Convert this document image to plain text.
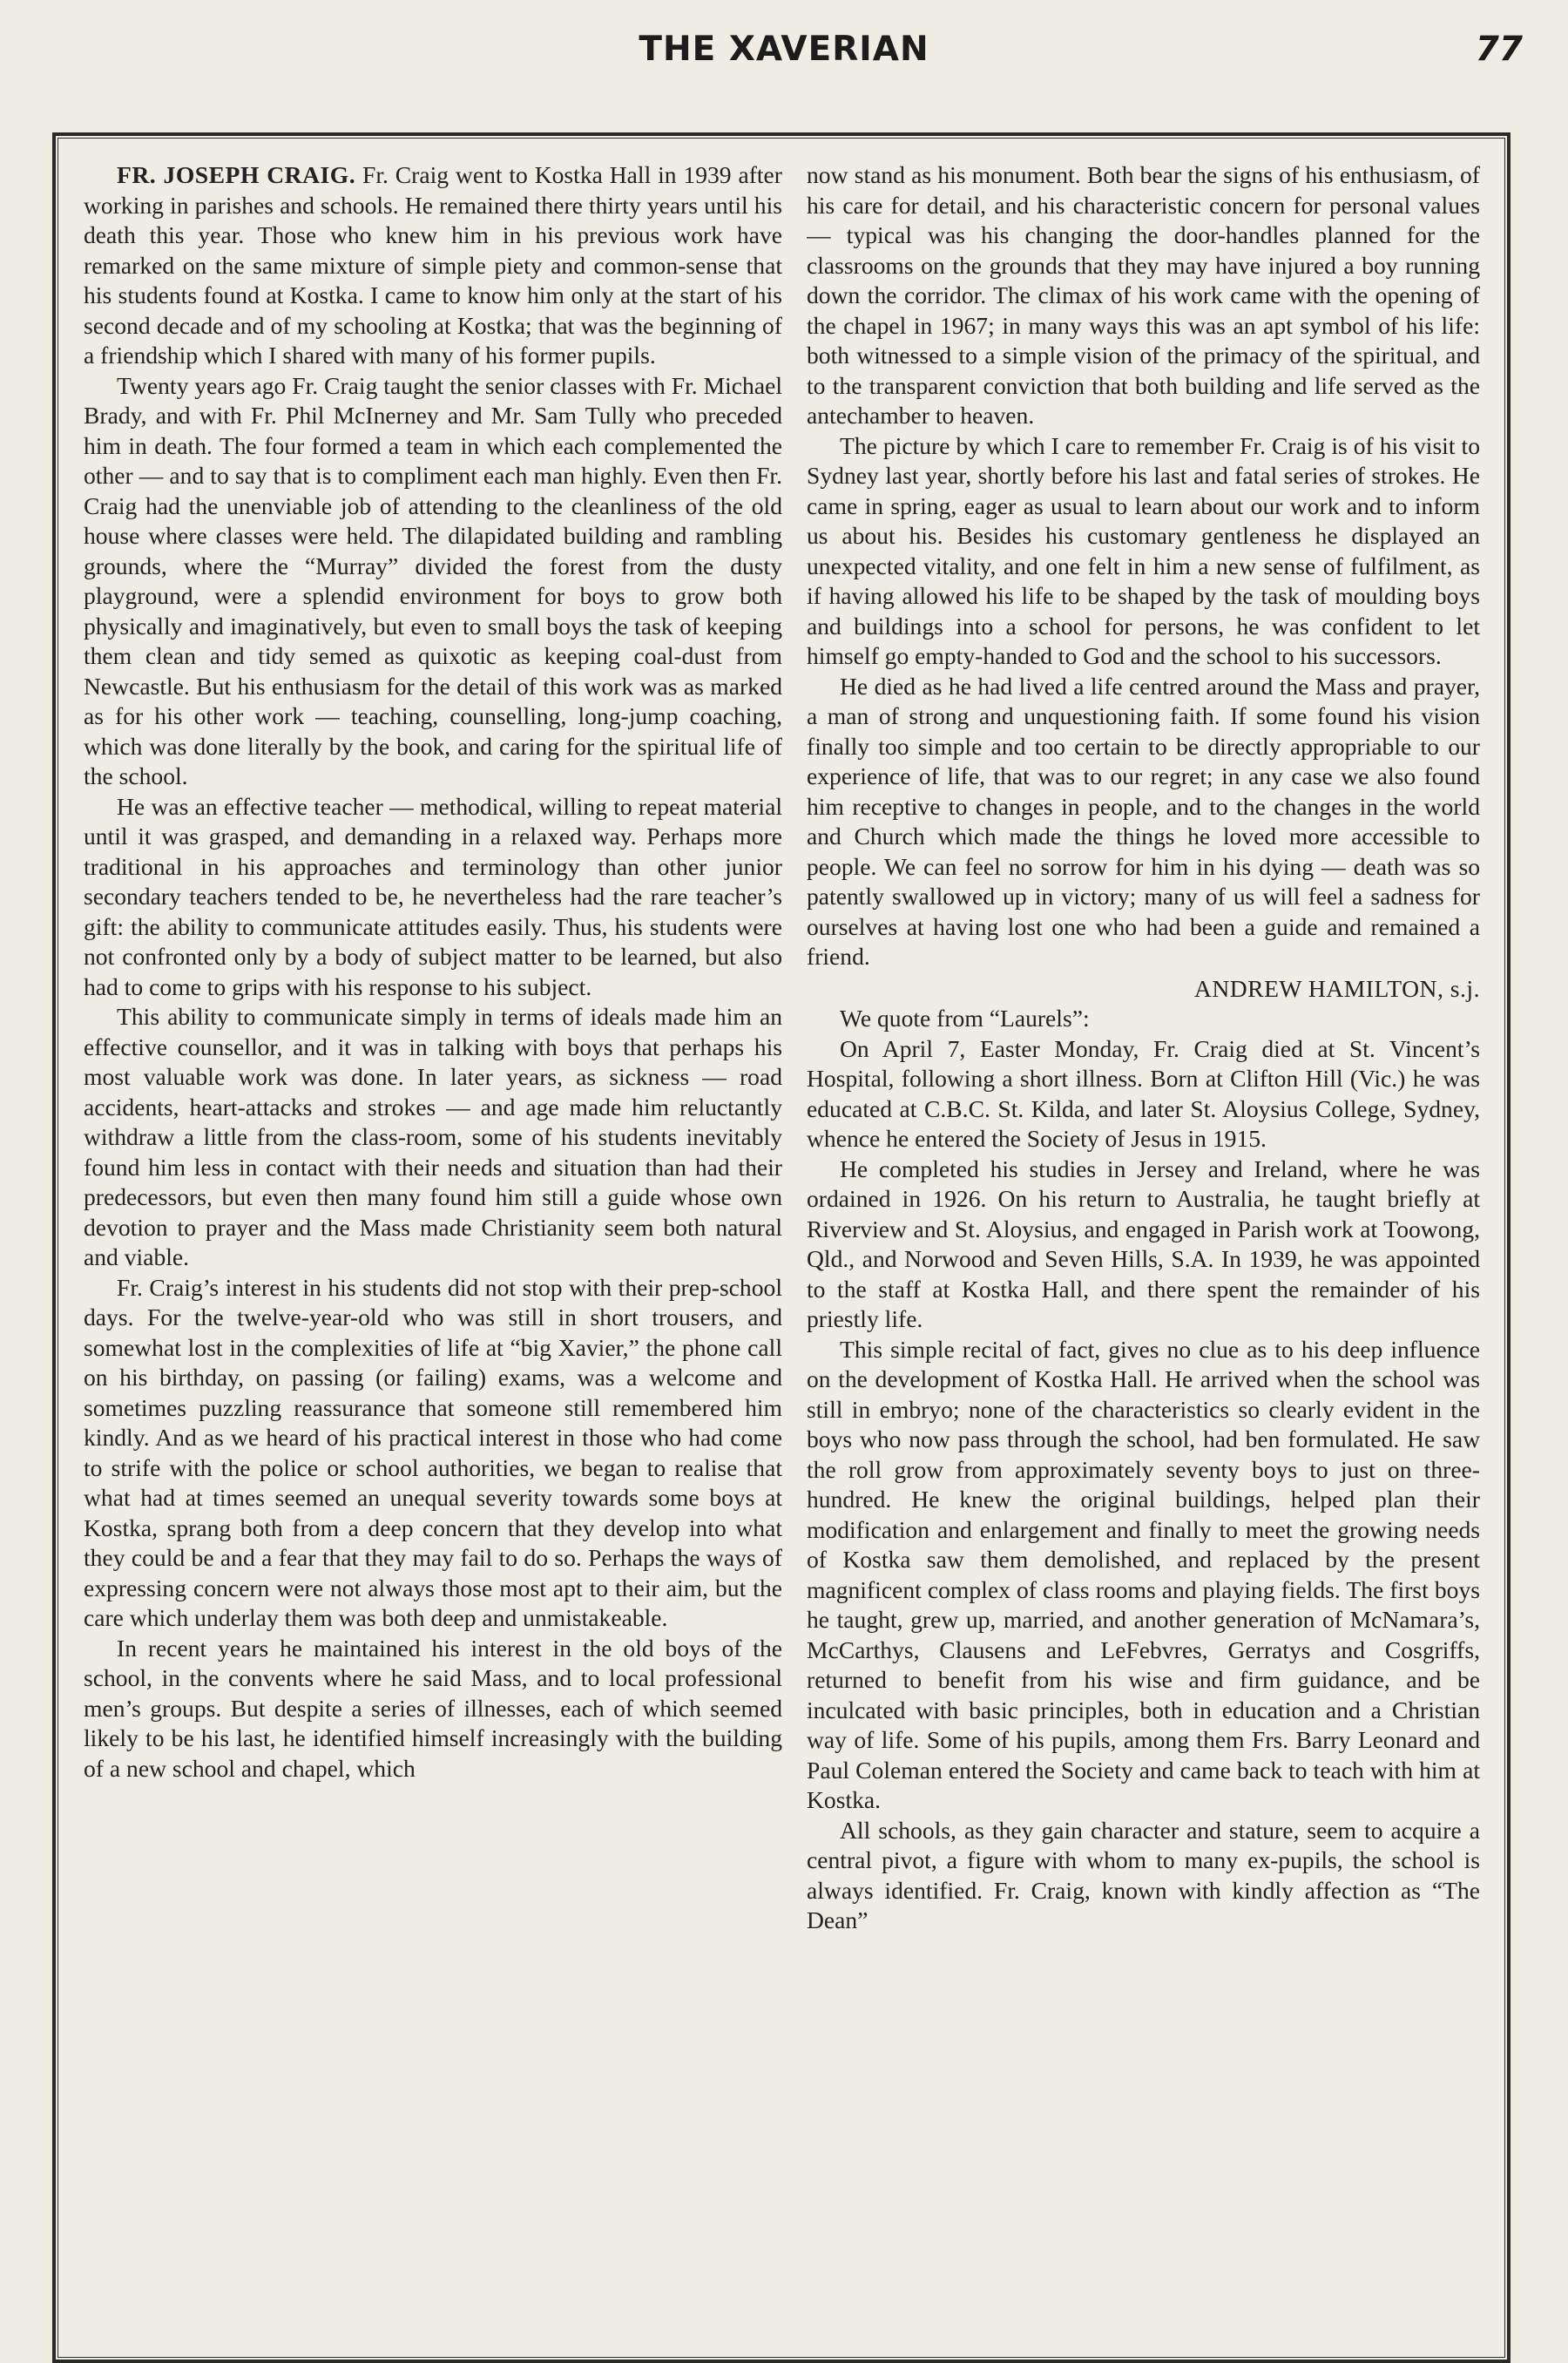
THE XAVERIAN	77

FR. JOSEPH CRAIG. Fr. Craig went to Kostka Hall in 1939 after working in parishes and schools. He remained there thirty years until his death this year. Those who knew him in his previous work have remarked on the same mixture of simple piety and common-sense that his students found at Kostka. I came to know him only at the start of his second decade and of my schooling at Kostka; that was the beginning of a friendship which I shared with many of his former pupils.

Twenty years ago Fr. Craig taught the senior classes with Fr. Michael Brady, and with Fr. Phil McInerney and Mr. Sam Tully who preceded him in death. The four formed a team in which each complemented the other — and to say that is to compliment each man highly. Even then Fr. Craig had the unenviable job of attending to the cleanliness of the old house where classes were held. The dilapidated building and rambling grounds, where the “Murray” divided the forest from the dusty playground, were a splendid environment for boys to grow both physically and imaginatively, but even to small boys the task of keeping them clean and tidy semed as quixotic as keeping coal-dust from Newcastle. But his enthusiasm for the detail of this work was as marked as for his other work — teaching, counselling, long-jump coaching, which was done literally by the book, and caring for the spiritual life of the school.

He was an effective teacher — methodical, willing to repeat material until it was grasped, and demanding in a relaxed way. Perhaps more traditional in his approaches and terminology than other junior secondary teachers tended to be, he nevertheless had the rare teacher’s gift: the ability to communicate attitudes easily. Thus, his students were not confronted only by a body of subject matter to be learned, but also had to come to grips with his response to his subject.

This ability to communicate simply in terms of ideals made him an effective counsellor, and it was in talking with boys that perhaps his most valuable work was done. In later years, as sickness — road accidents, heart-attacks and strokes — and age made him reluctantly withdraw a little from the class-room, some of his students inevitably found him less in contact with their needs and situation than had their predecessors, but even then many found him still a guide whose own devotion to prayer and the Mass made Christianity seem both natural and viable.

Fr. Craig’s interest in his students did not stop with their prep-school days. For the twelve-year-old who was still in short trousers, and somewhat lost in the complexities of life at “big Xavier,” the phone call on his birthday, on passing (or failing) exams, was a welcome and sometimes puzzling reassurance that someone still remembered him kindly. And as we heard of his practical interest in those who had come to strife with the police or school authorities, we began to realise that what had at times seemed an unequal severity towards some boys at Kostka, sprang both from a deep concern that they develop into what they could be and a fear that they may fail to do so. Perhaps the ways of expressing concern were not always those most apt to their aim, but the care which underlay them was both deep and unmistakeable.

In recent years he maintained his interest in the old boys of the school, in the convents where he said Mass, and to local professional men’s groups. But despite a series of illnesses, each of which seemed likely to be his last, he identified himself increasingly with the building of a new school and chapel, which

now stand as his monument. Both bear the signs of his enthusiasm, of his care for detail, and his characteristic concern for personal values — typical was his changing the door-handles planned for the classrooms on the grounds that they may have injured a boy running down the corridor. The climax of his work came with the opening of the chapel in 1967; in many ways this was an apt symbol of his life: both witnessed to a simple vision of the primacy of the spiritual, and to the transparent conviction that both building and life served as the antechamber to heaven.

The picture by which I care to remember Fr. Craig is of his visit to Sydney last year, shortly before his last and fatal series of strokes. He came in spring, eager as usual to learn about our work and to inform us about his. Besides his customary gentleness he displayed an unexpected vitality, and one felt in him a new sense of fulfilment, as if having allowed his life to be shaped by the task of moulding boys and buildings into a school for persons, he was confident to let himself go empty-handed to God and the school to his successors.

He died as he had lived a life centred around the Mass and prayer, a man of strong and unquestioning faith. If some found his vision finally too simple and too certain to be directly appropriable to our experience of life, that was to our regret; in any case we also found him receptive to changes in people, and to the changes in the world and Church which made the things he loved more accessible to people. We can feel no sorrow for him in his dying — death was so patently swallowed up in victory; many of us will feel a sadness for ourselves at having lost one who had been a guide and remained a friend.

ANDREW HAMILTON, s.j.

We quote from “Laurels”:

On April 7, Easter Monday, Fr. Craig died at St. Vincent’s Hospital, following a short illness. Born at Clifton Hill (Vic.) he was educated at C.B.C. St. Kilda, and later St. Aloysius College, Sydney, whence he entered the Society of Jesus in 1915.

He completed his studies in Jersey and Ireland, where he was ordained in 1926. On his return to Australia, he taught briefly at Riverview and St. Aloysius, and engaged in Parish work at Toowong, Qld., and Norwood and Seven Hills, S.A. In 1939, he was appointed to the staff at Kostka Hall, and there spent the remainder of his priestly life.

This simple recital of fact, gives no clue as to his deep influence on the development of Kostka Hall. He arrived when the school was still in embryo; none of the characteristics so clearly evident in the boys who now pass through the school, had ben formulated. He saw the roll grow from approximately seventy boys to just on three-hundred. He knew the original buildings, helped plan their modification and enlargement and finally to meet the growing needs of Kostka saw them demolished, and replaced by the present magnificent complex of class rooms and playing fields. The first boys he taught, grew up, married, and another generation of McNamara’s, McCarthys, Clausens and LeFebvres, Gerratys and Cosgriffs, returned to benefit from his wise and firm guidance, and be inculcated with basic principles, both in education and a Christian way of life. Some of his pupils, among them Frs. Barry Leonard and Paul Coleman entered the Society and came back to teach with him at Kostka.

All schools, as they gain character and stature, seem to acquire a central pivot, a figure with whom to many ex-pupils, the school is always identified. Fr. Craig, known with kindly affection as “The Dean”
